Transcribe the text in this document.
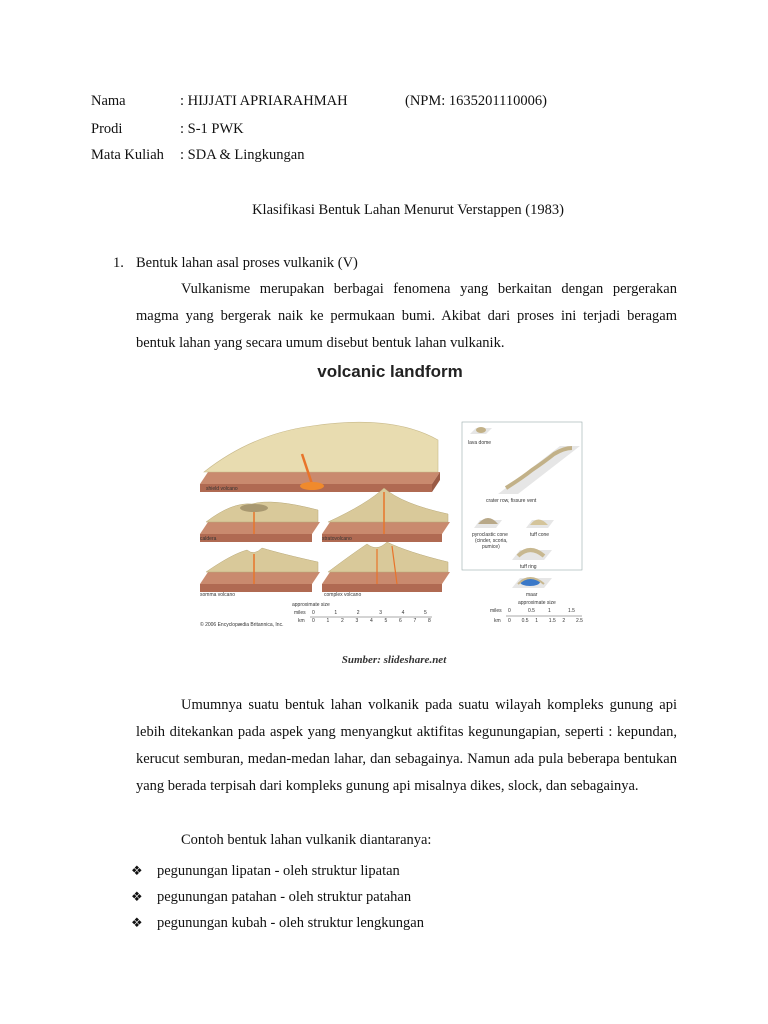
Nama	: HIJJATI APRIARAHMAH	(NPM: 1635201110006)
Prodi	: S-1 PWK
Mata Kuliah : SDA & Lingkungan
Klasifikasi Bentuk Lahan Menurut Verstappen (1983)
1. Bentuk lahan asal proses vulkanik (V)
Vulkanisme merupakan berbagai fenomena yang berkaitan dengan pergerakan magma yang bergerak naik ke permukaan bumi. Akibat dari proses ini terjadi beragam bentuk lahan yang secara umum disebut bentuk lahan vulkanik.
volcanic landform
shield volcano
caldera	stratovolcano
somma volcano	complex volcano
approximate size
miles
km
0	1	2	3	4	5
0 1 2 3 4 5 6 7 8
© 2006 Encyclopædia Britannica, Inc.
lava dome
crater row, fissure vent
pyroclastic cone
(cinder, scoria,
pumice)
tuff cone
tuff ring
maar
approximate size
miles
km
0	0.5	1	1.5
0 0.5 1 1.5 2 2.5
Sumber: slideshare.net
Umumnya suatu bentuk lahan volkanik pada suatu wilayah kompleks gunung api lebih ditekankan pada aspek yang menyangkut aktifitas kegunungapian, seperti : kepundan, kerucut semburan, medan-medan lahar, dan sebagainya. Namun ada pula beberapa bentukan yang berada terpisah dari kompleks gunung api misalnya dikes, slock, dan sebagainya.
Contoh bentuk lahan vulkanik diantaranya:
❖ pegunungan lipatan - oleh struktur lipatan
❖ pegunungan patahan - oleh struktur patahan
❖ pegunungan kubah - oleh struktur lengkungan
